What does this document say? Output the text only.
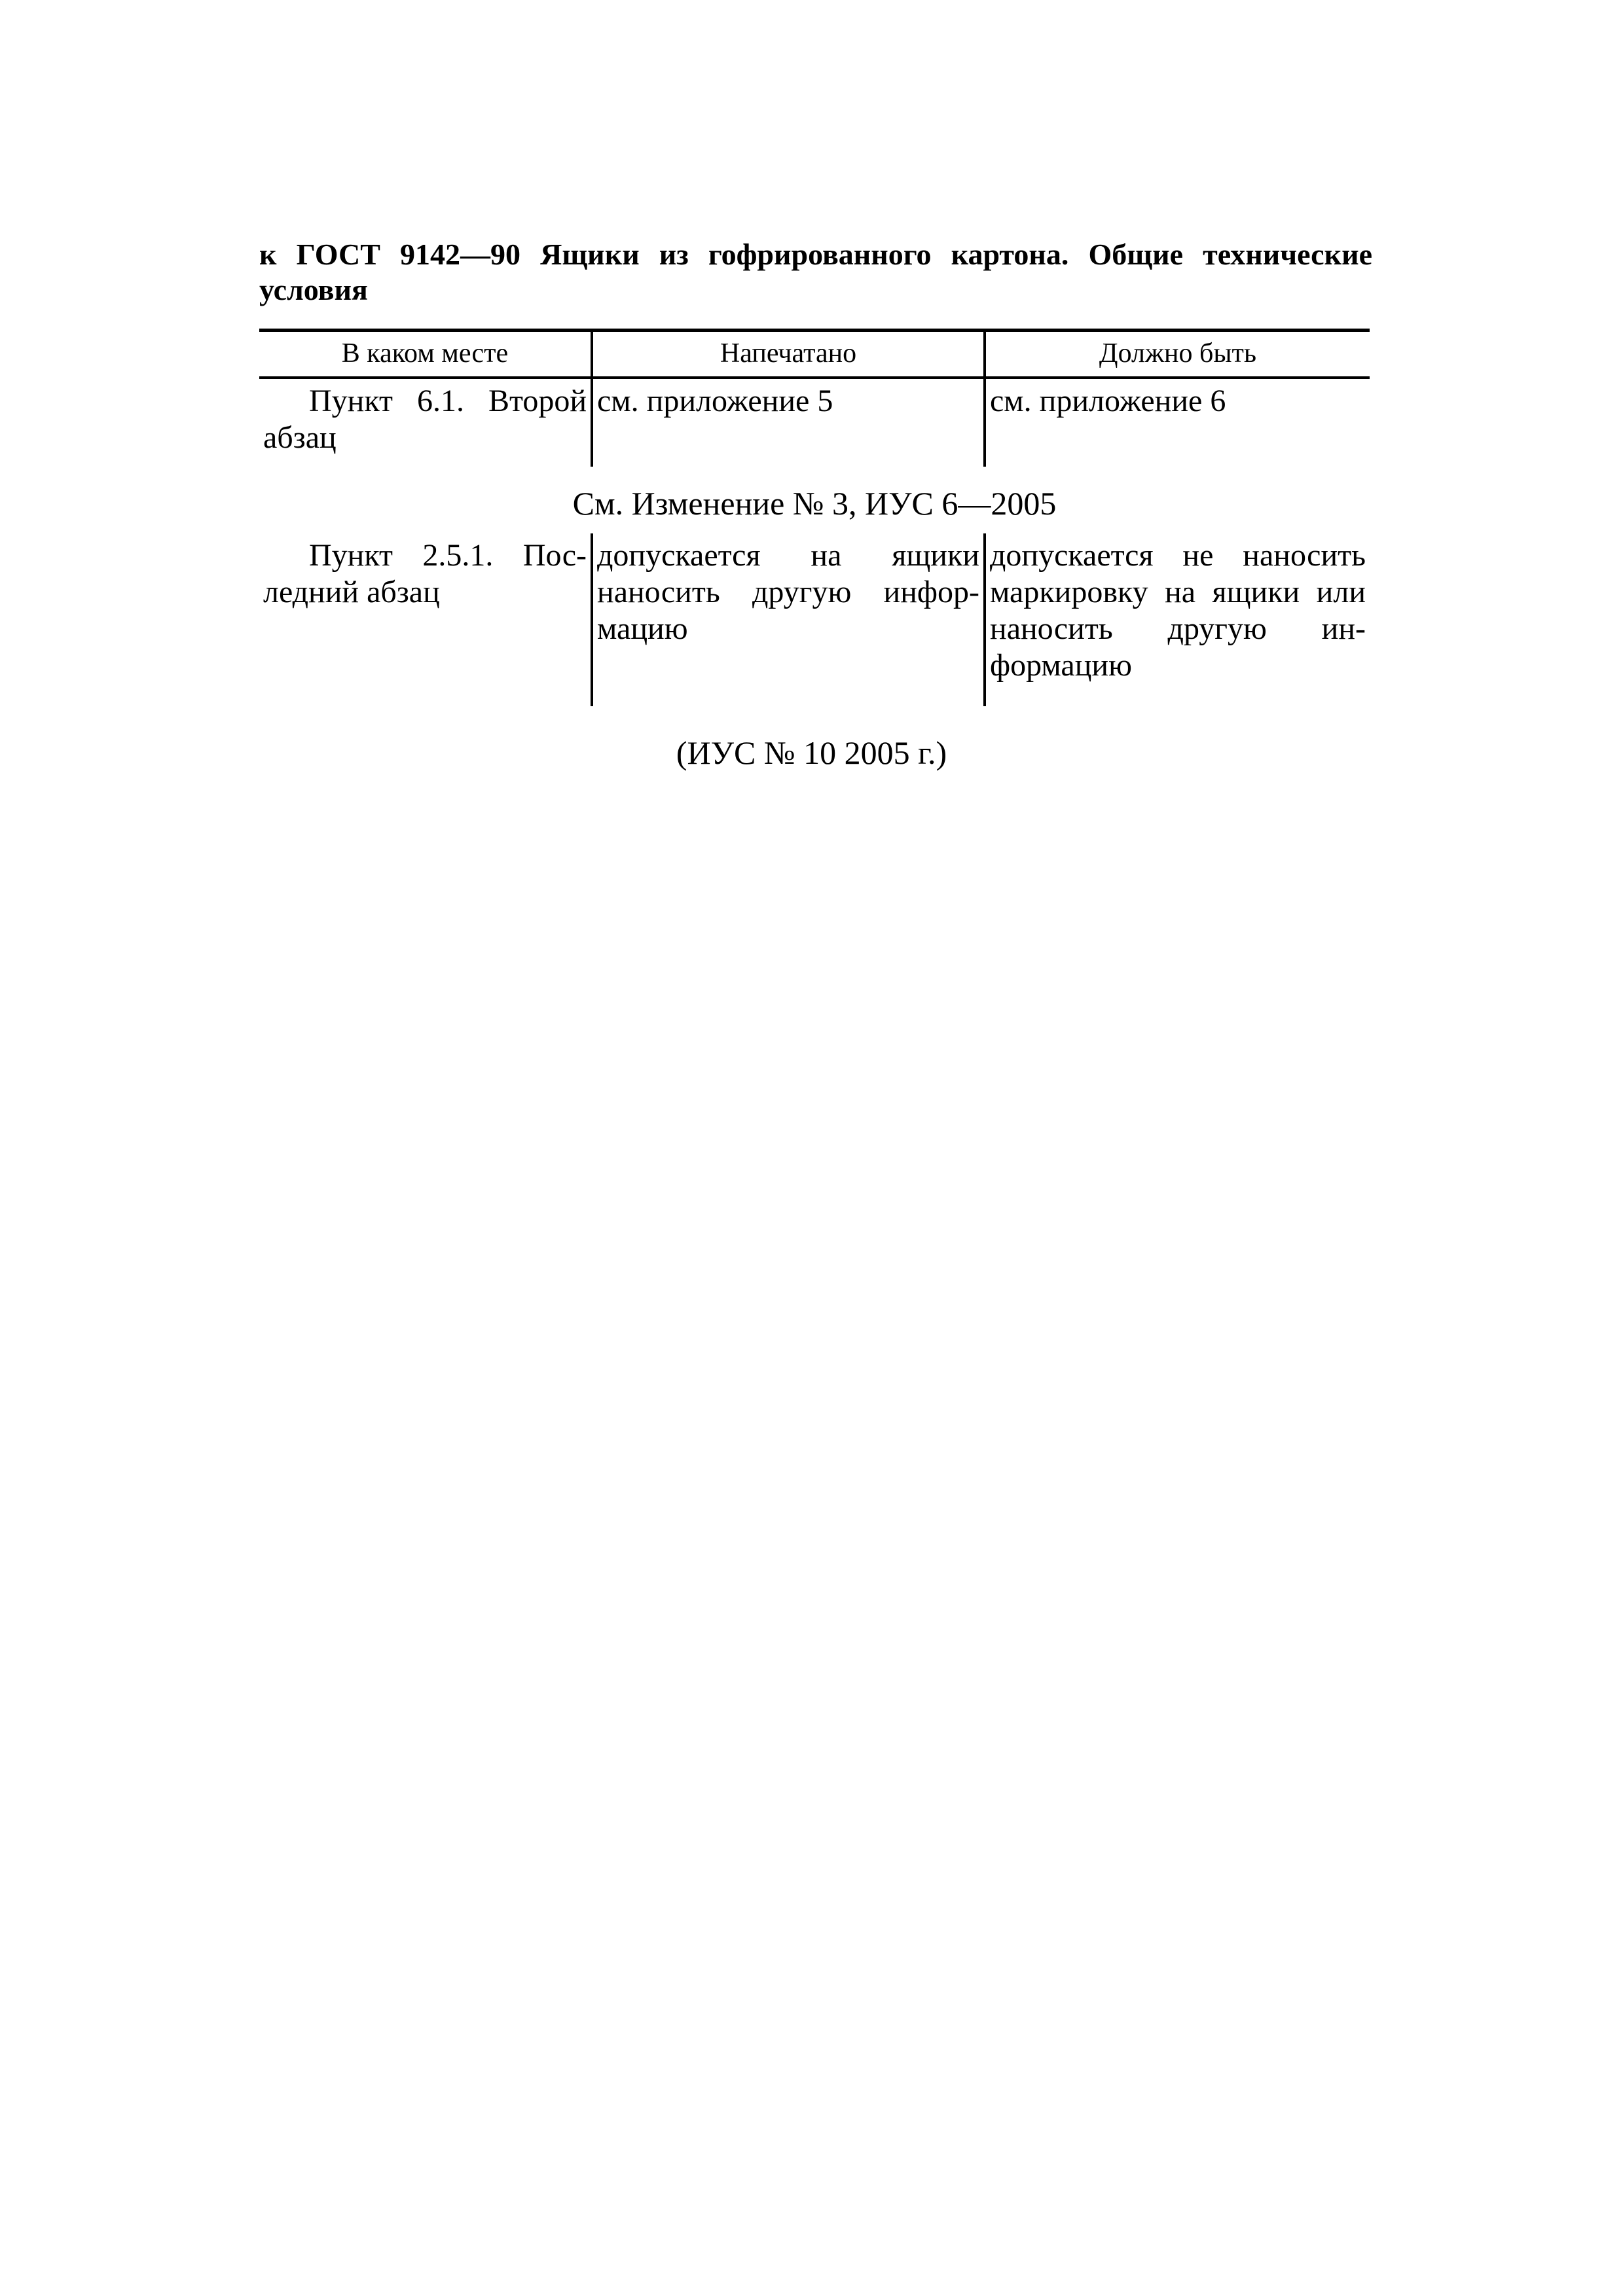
к ГОСТ 9142—90 Ящики из гофрированного картона. Общие технические условия
В каком месте	Напечатано	Должно быть
Пункт 6.1. Второй абзац	см. приложение 5	см. приложение 6
См. Изменение № 3, ИУС 6—2005		
Пункт 2.5.1. Последний абзац	допускается на ящики наносить другую информацию	допускается не наносить маркировку на ящики или наносить другую информацию
(ИУС № 10 2005 г.)
